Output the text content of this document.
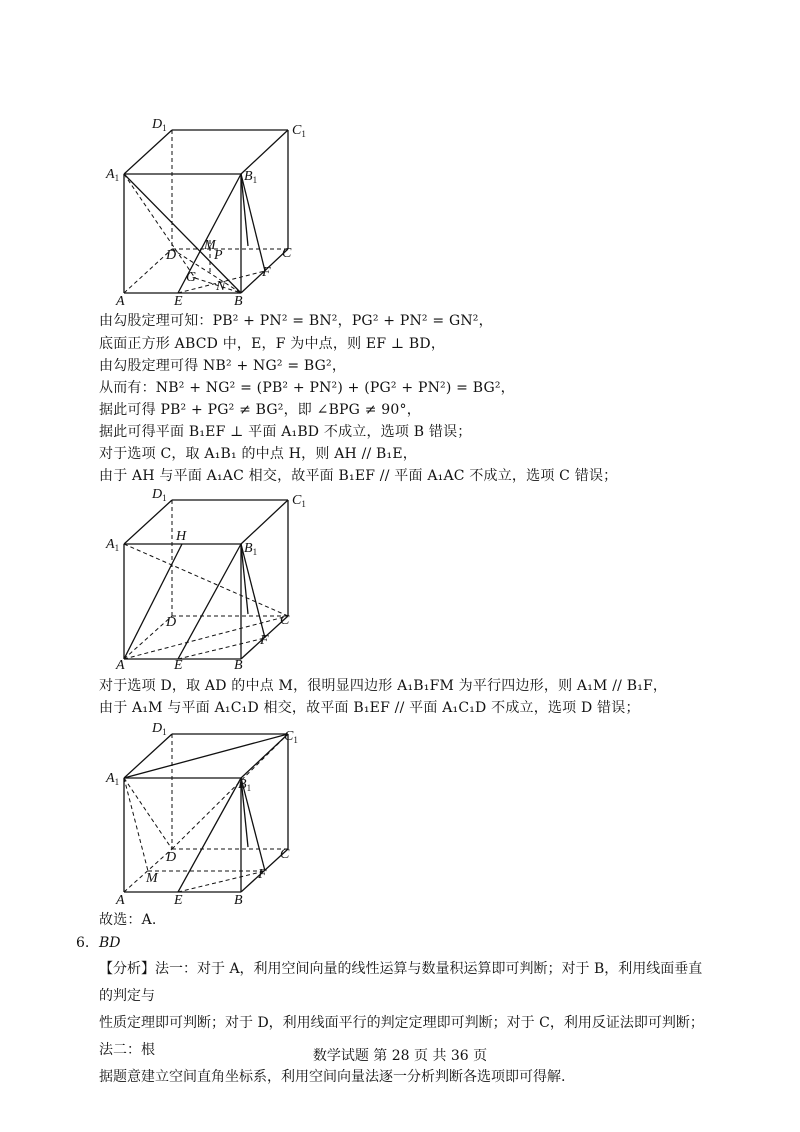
$D_1$	$C_1$
$A_1$	$B_1$
M
D	P	C
G	F
N
A	E	B
由勾股定理可知：PB² + PN² = BN²，PG² + PN² = GN²，
底面正方形 ABCD 中，E，F 为中点，则 EF ⊥ BD，
由勾股定理可得 NB² + NG² = BG²，
从而有：NB² + NG² = (PB² + PN²) + (PG² + PN²) = BG²，
据此可得 PB² + PG² ≠ BG²，即 ∠BPG ≠ 90°，
据此可得平面 B₁EF ⊥ 平面 A₁BD 不成立，选项 B 错误；
对于选项 C，取 A₁B₁ 的中点 H，则 AH // B₁E，
由于 AH 与平面 A₁AC 相交，故平面 B₁EF // 平面 A₁AC 不成立，选项 C 错误；
$D_1$	$C_1$
$A_1$
H
$B_1$
D	C
F
A	E	B
对于选项 D，取 AD 的中点 M，很明显四边形 A₁B₁FM 为平行四边形，则 A₁M // B₁F，
由于 A₁M 与平面 A₁C₁D 相交，故平面 B₁EF // 平面 A₁C₁D 不成立，选项 D 错误；
$D_1$	$C_1$
$A_1$	$B_1$
D	C
M	F
A	E	B
故选：A.
6. BD
【分析】法一：对于 A，利用空间向量的线性运算与数量积运算即可判断；对于 B，利用线面垂直的判定与
性质定理即可判断；对于 D，利用线面平行的判定定理即可判断；对于 C，利用反证法即可判断；法二：根
据题意建立空间直角坐标系，利用空间向量法逐一分析判断各选项即可得解.
数学试题 第 28 页 共 36 页
